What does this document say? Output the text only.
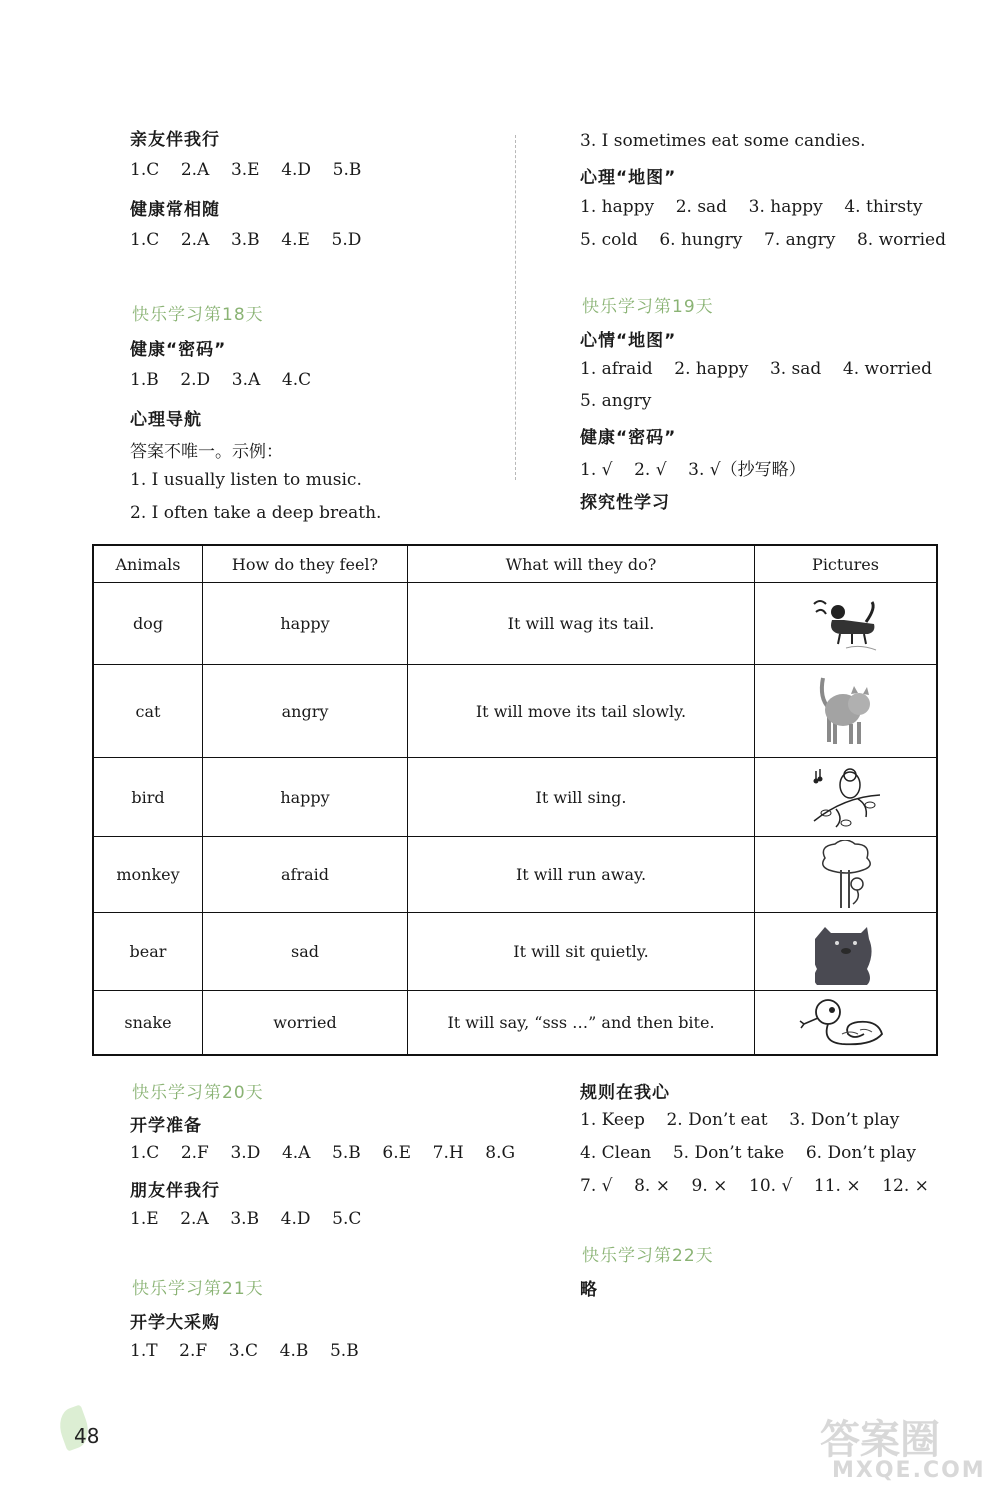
亲友伴我行
1.C    2.A    3.E    4.D    5.B
健康常相随
1.C    2.A    3.B    4.E    5.D
快乐学习第18天
健康“密码”
1.B    2.D    3.A    4.C
心理导航
答案不唯一。示例：
1. I usually listen to music.
2. I often take a deep breath.
3. I sometimes eat some candies.
心理“地图”
1. happy    2. sad    3. happy    4. thirsty
5. cold    6. hungry    7. angry    8. worried
快乐学习第19天
心情“地图”
1. afraid    2. happy    3. sad    4. worried
5. angry
健康“密码”
1. √    2. √    3. √（抄写略）
探究性学习
Animals	How do they feel?	What will they do?	Pictures
dog	happy	It will wag its tail.	
cat	angry	It will move its tail slowly.	
bird	happy	It will sing.	
monkey	afraid	It will run away.	
bear	sad	It will sit quietly.	
snake	worried	It will say, “sss …” and then bite.	
快乐学习第20天
开学准备
1.C    2.F    3.D    4.A    5.B    6.E    7.H    8.G
朋友伴我行
1.E    2.A    3.B    4.D    5.C
规则在我心
1. Keep    2. Don’t eat    3. Don’t play
4. Clean    5. Don’t take    6. Don’t play
7. √    8. ×    9. ×    10. √    11. ×    12. ×
快乐学习第21天
开学大采购
1.T    2.F    3.C    4.B    5.B
快乐学习第22天
略
48	答案圈
MXQE.COM
